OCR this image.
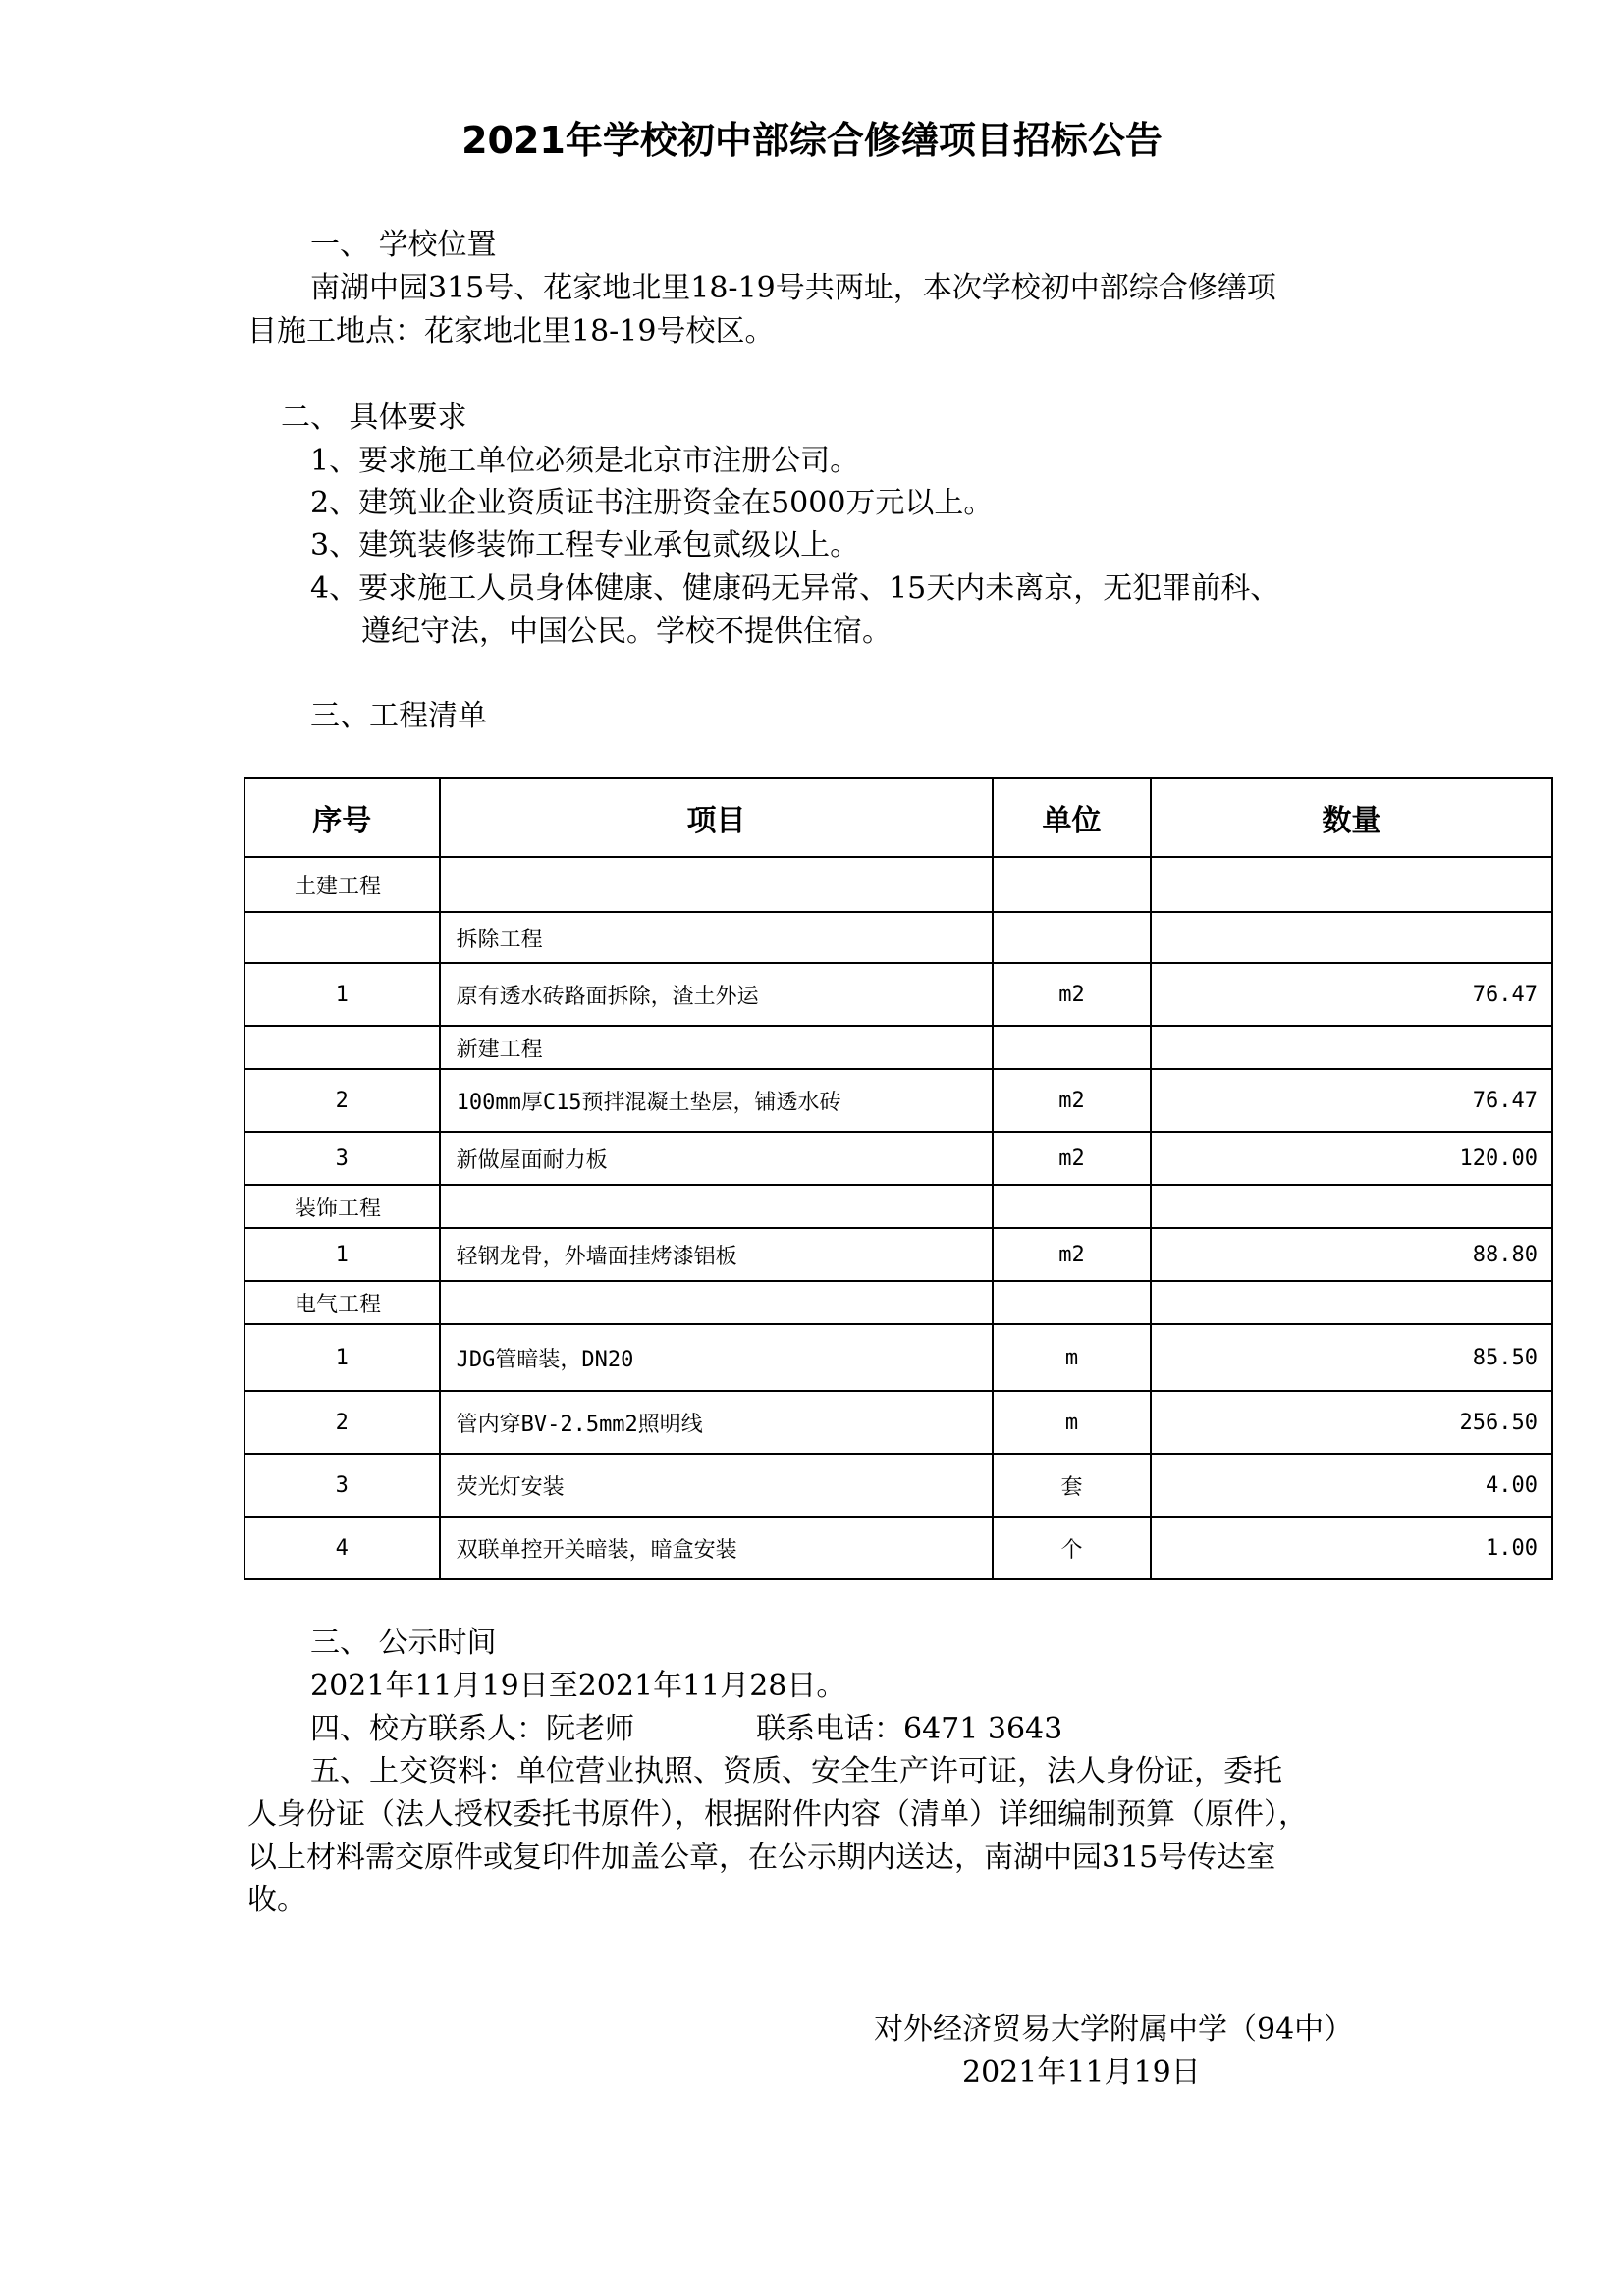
2021年学校初中部综合修缮项目招标公告
一、 学校位置
南湖中园315号、花家地北里18-19号共两址，本次学校初中部综合修缮项
目施工地点：花家地北里18-19号校区。
二、 具体要求
1、要求施工单位必须是北京市注册公司。
2、建筑业企业资质证书注册资金在5000万元以上。
3、建筑装修装饰工程专业承包贰级以上。
4、要求施工人员身体健康、健康码无异常、15天内未离京，无犯罪前科、
遵纪守法，中国公民。学校不提供住宿。
三、工程清单
序号	项目	单位	数量
土建工程			
	拆除工程		
1	原有透水砖路面拆除，渣土外运	m2	76.47
	新建工程		
2	100mm厚C15预拌混凝土垫层，铺透水砖	m2	76.47
3	新做屋面耐力板	m2	120.00
装饰工程			
1	轻钢龙骨，外墙面挂烤漆铝板	m2	88.80
电气工程			
1	JDG管暗装，DN20	m	85.50
2	管内穿BV-2.5mm2照明线	m	256.50
3	荧光灯安装	套	4.00
4	双联单控开关暗装，暗盒安装	个	1.00
三、 公示时间
2021年11月19日至2021年11月28日。
四、校方联系人：阮老师	联系电话：6471 3643
五、上交资料：单位营业执照、资质、安全生产许可证，法人身份证，委托
人身份证（法人授权委托书原件），根据附件内容（清单）详细编制预算（原件），
以上材料需交原件或复印件加盖公章，在公示期内送达，南湖中园315号传达室
收。
对外经济贸易大学附属中学（94中）
2021年11月19日
